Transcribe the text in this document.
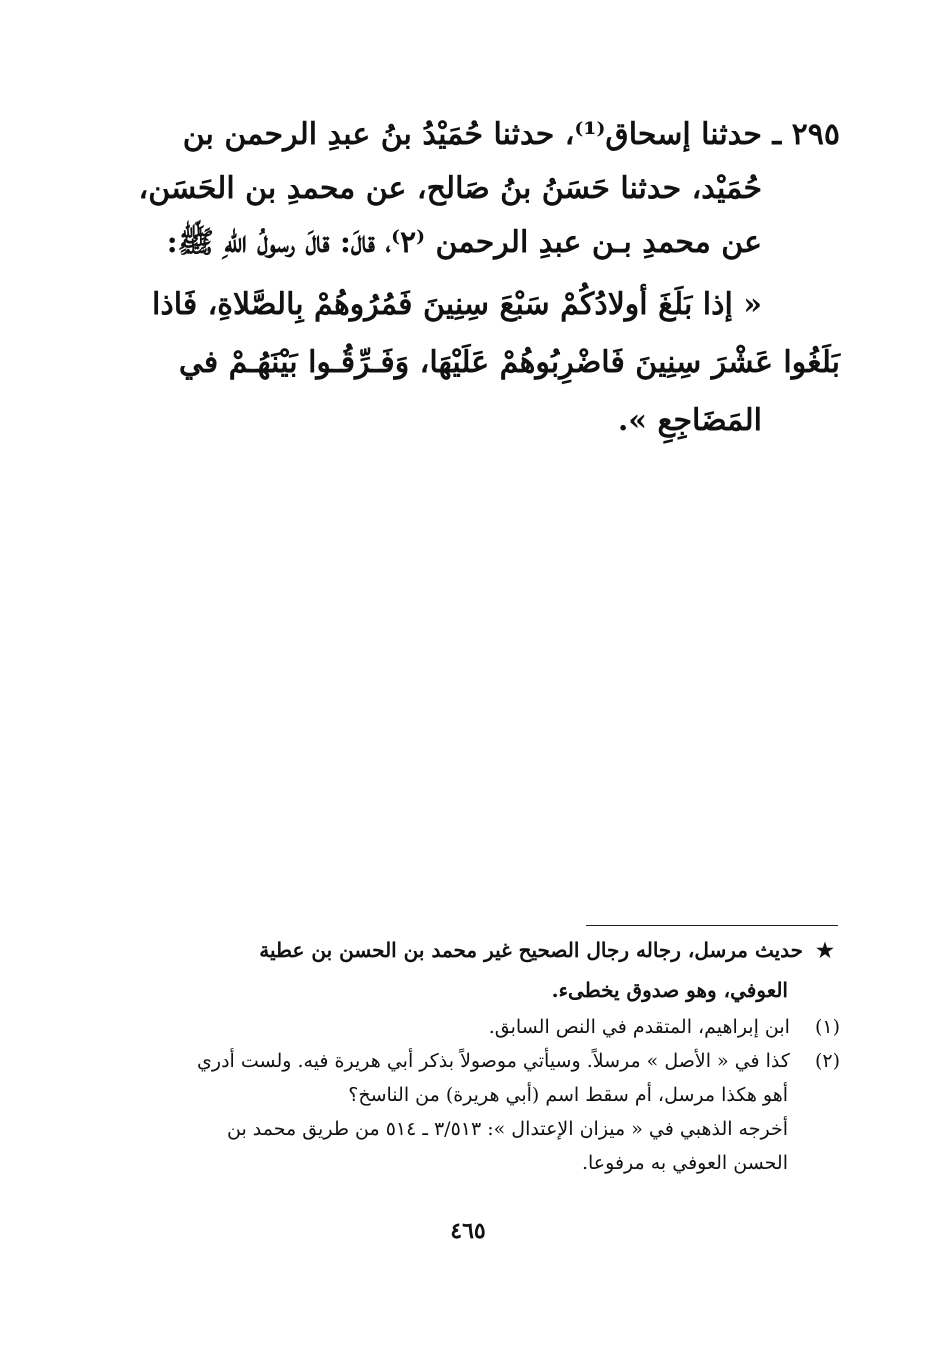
٢٩٥ ـ حدثنا إسحاق⁽¹⁾، حدثنا حُمَيْدُ بنُ عبدِ الرحمن بن
حُمَيْد، حدثنا حَسَنُ بنُ صَالح، عن محمدِ بن الحَسَن،
عن محمدِ بـن عبدِ الرحمن ⁽٢⁾، قالَ: قالَ رسولُ اللهِ ﷺ:
« إذا بَلَغَ أولادُكُمْ سَبْعَ سِنِينَ فَمُرُوهُمْ بِالصَّلاةِ، فَاذا
بَلَغُوا عَشْرَ سِنِينَ فَاضْرِبُوهُمْ عَلَيْهَا، وَفَـرِّقُـوا بَيْنَهُـمْ في
المَضَاجِعِ ».
★ حديث مرسل، رجاله رجال الصحيح غير محمد بن الحسن بن عطية
العوفي، وهو صدوق يخطىء.
(١) ابن إبراهيم، المتقدم في النص السابق.
(٢) كذا في « الأصل » مرسلاً. وسيأتي موصولاً بذكر أبي هريرة فيه. ولست أدري
أهو هكذا مرسل، أم سقط اسم (أبي هريرة) من الناسخ؟
أخرجه الذهبي في « ميزان الإعتدال »: ٣/٥١٣ ـ ٥١٤ من طريق محمد بن
الحسن العوفي به مرفوعا.
٤٦٥
